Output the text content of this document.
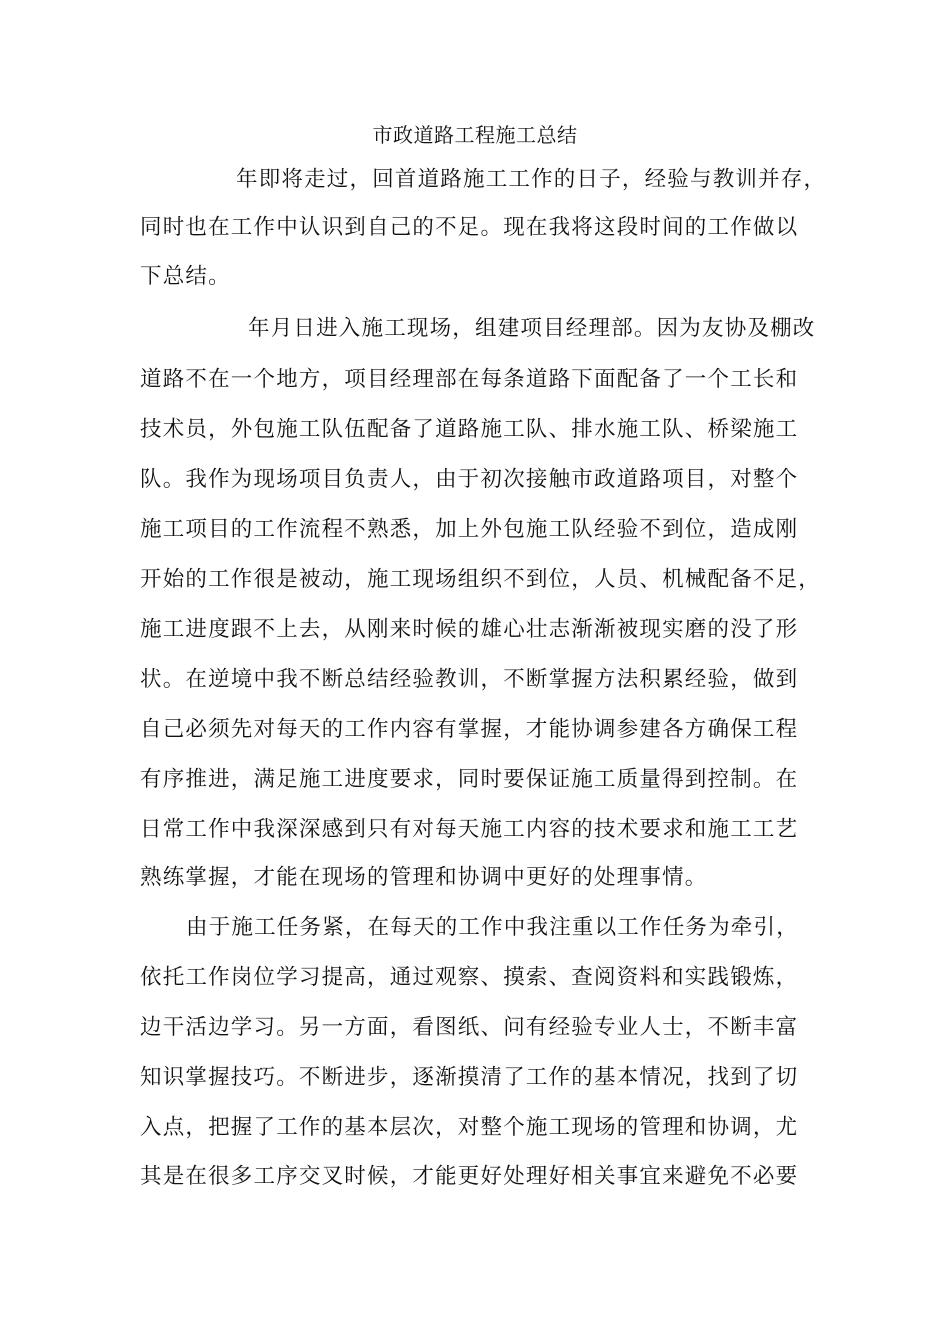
市政道路工程施工总结
年即将走过，回首道路施工工作的日子，经验与教训并存，
同时也在工作中认识到自己的不足。现在我将这段时间的工作做以
下总结。
年月日进入施工现场，组建项目经理部。因为友协及棚改
道路不在一个地方，项目经理部在每条道路下面配备了一个工长和
技术员，外包施工队伍配备了道路施工队、排水施工队、桥梁施工
队。我作为现场项目负责人，由于初次接触市政道路项目，对整个
施工项目的工作流程不熟悉，加上外包施工队经验不到位，造成刚
开始的工作很是被动，施工现场组织不到位，人员、机械配备不足，
施工进度跟不上去，从刚来时候的雄心壮志渐渐被现实磨的没了形
状。在逆境中我不断总结经验教训，不断掌握方法积累经验，做到
自己必须先对每天的工作内容有掌握，才能协调参建各方确保工程
有序推进，满足施工进度要求，同时要保证施工质量得到控制。在
日常工作中我深深感到只有对每天施工内容的技术要求和施工工艺
熟练掌握，才能在现场的管理和协调中更好的处理事情。
由于施工任务紧，在每天的工作中我注重以工作任务为牵引，
依托工作岗位学习提高，通过观察、摸索、查阅资料和实践锻炼，
边干活边学习。另一方面，看图纸、问有经验专业人士，不断丰富
知识掌握技巧。不断进步，逐渐摸清了工作的基本情况，找到了切
入点，把握了工作的基本层次，对整个施工现场的管理和协调，尤
其是在很多工序交叉时候，才能更好处理好相关事宜来避免不必要
